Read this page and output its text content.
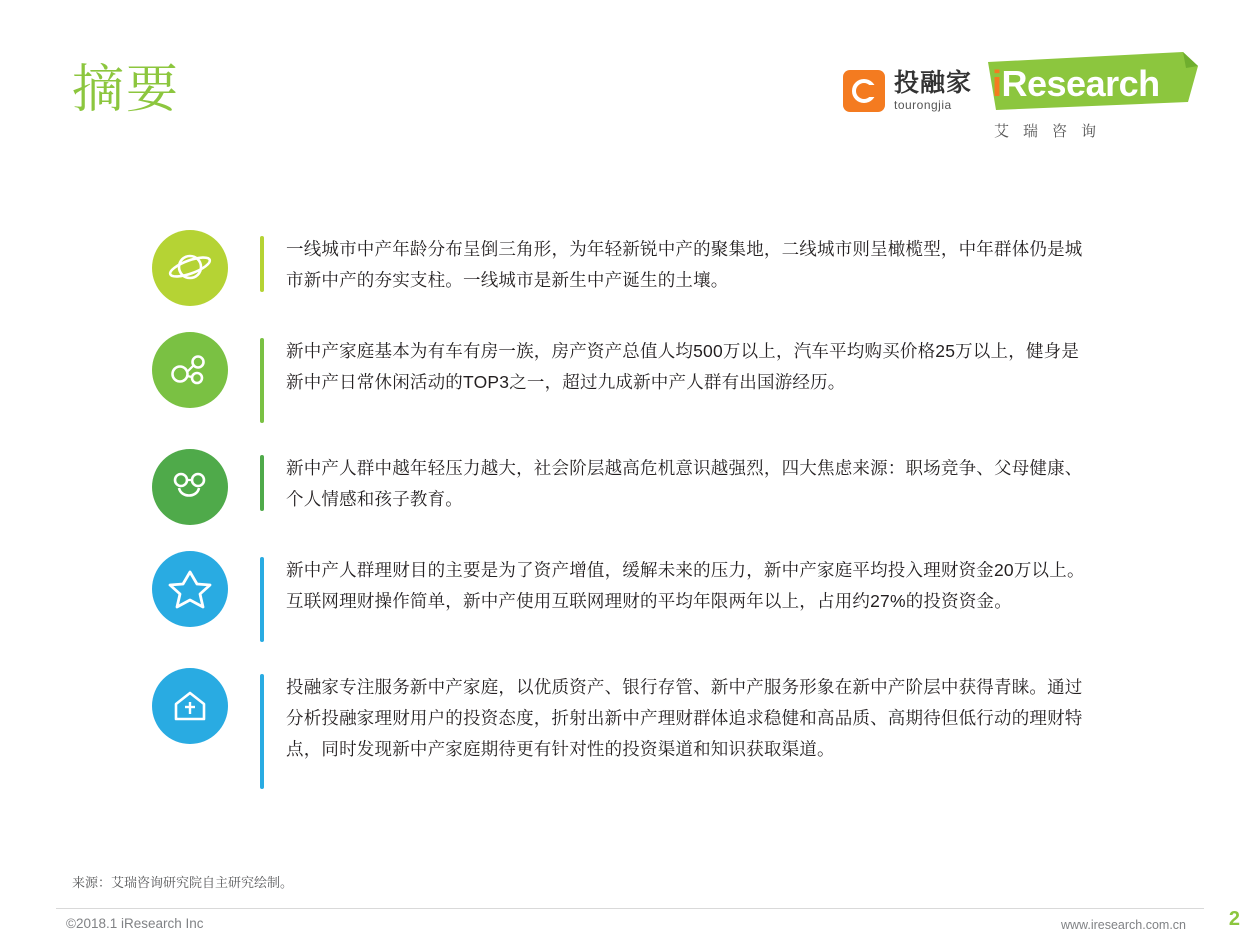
摘要	投融家
tourongjia
iResearch
艾瑞咨询
一线城市中产年龄分布呈倒三角形，为年轻新锐中产的聚集地，二线城市则呈橄榄型，中年群体仍是城市新中产的夯实支柱。一线城市是新生中产诞生的土壤。
新中产家庭基本为有车有房一族，房产资产总值人均500万以上，汽车平均购买价格25万以上，健身是新中产日常休闲活动的TOP3之一，超过九成新中产人群有出国游经历。
新中产人群中越年轻压力越大，社会阶层越高危机意识越强烈，四大焦虑来源：职场竞争、父母健康、个人情感和孩子教育。
新中产人群理财目的主要是为了资产增值，缓解未来的压力，新中产家庭平均投入理财资金20万以上。互联网理财操作简单，新中产使用互联网理财的平均年限两年以上，占用约27%的投资资金。
投融家专注服务新中产家庭，以优质资产、银行存管、新中产服务形象在新中产阶层中获得青睐。通过分析投融家理财用户的投资态度，折射出新中产理财群体追求稳健和高品质、高期待但低行动的理财特点，同时发现新中产家庭期待更有针对性的投资渠道和知识获取渠道。
来源：艾瑞咨询研究院自主研究绘制。
©2018.1 iResearch Inc	www.iresearch.com.cn 2
